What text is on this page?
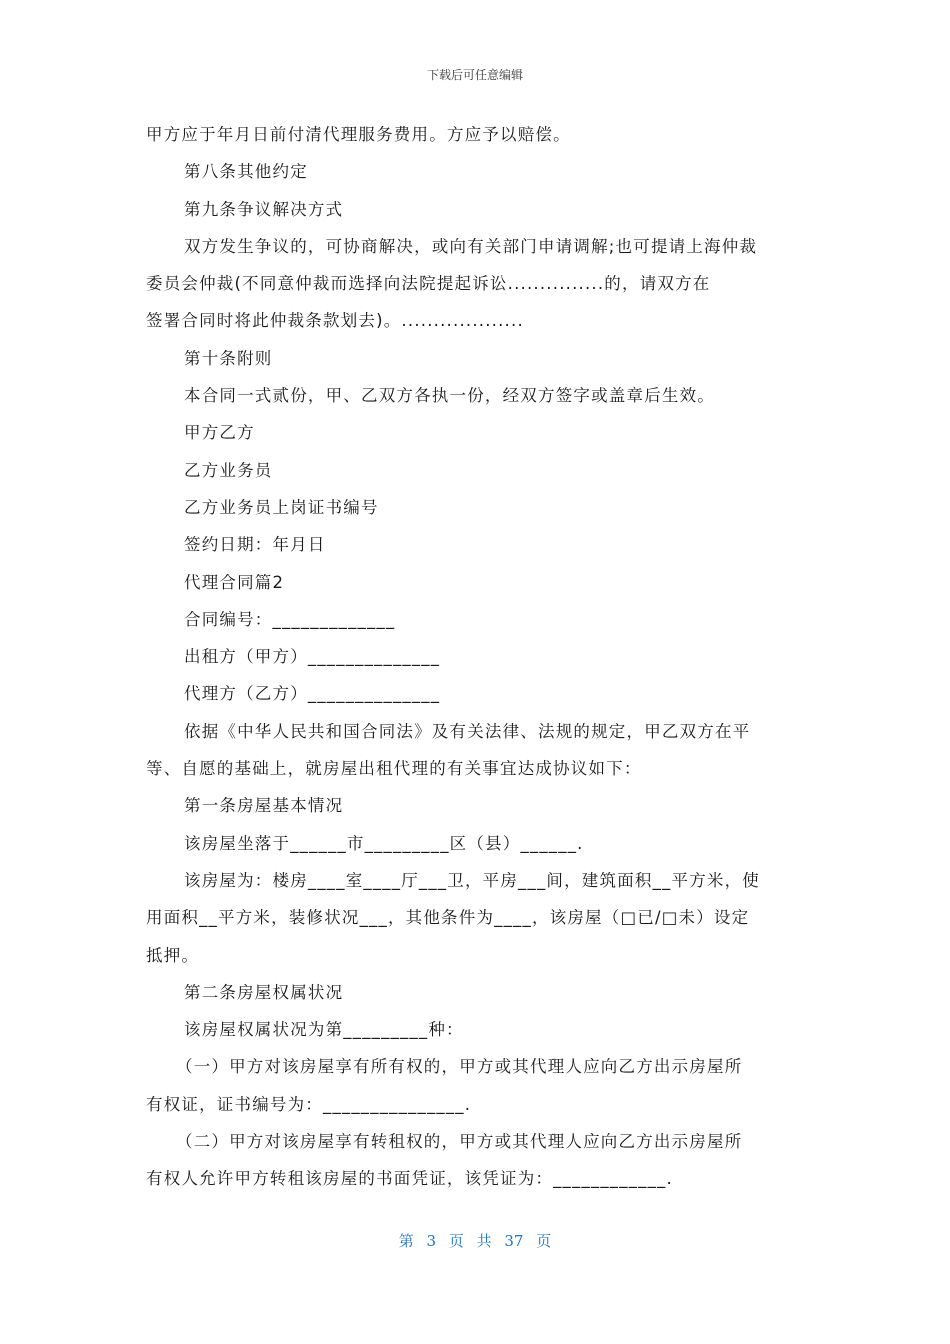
下载后可任意编辑
甲方应于年月日前付清代理服务费用。方应予以赔偿。
第八条其他约定
第九条争议解决方式
双方发生争议的，可协商解决，或向有关部门申请调解;也可提请上海仲裁
委员会仲裁(不同意仲裁而选择向法院提起诉讼...............的，请双方在
签署合同时将此仲裁条款划去)。...................
第十条附则
本合同一式贰份，甲、乙双方各执一份，经双方签字或盖章后生效。
甲方乙方
乙方业务员
乙方业务员上岗证书编号
签约日期：年月日
代理合同篇2
合同编号：_____________
出租方（甲方）______________
代理方（乙方）______________
依据《中华人民共和国合同法》及有关法律、法规的规定，甲乙双方在平
等、自愿的基础上，就房屋出租代理的有关事宜达成协议如下：
第一条房屋基本情况
该房屋坐落于______市_________区（县）______.
该房屋为：楼房____室____厅___卫，平房___间，建筑面积__平方米，使
用面积__平方米，装修状况___，其他条件为____，该房屋（□已/□未）设定
抵押。
第二条房屋权属状况
该房屋权属状况为第_________种：
（一）甲方对该房屋享有所有权的，甲方或其代理人应向乙方出示房屋所
有权证，证书编号为：_______________.
（二）甲方对该房屋享有转租权的，甲方或其代理人应向乙方出示房屋所
有权人允许甲方转租该房屋的书面凭证，该凭证为：____________.
第 3 页 共 37 页
